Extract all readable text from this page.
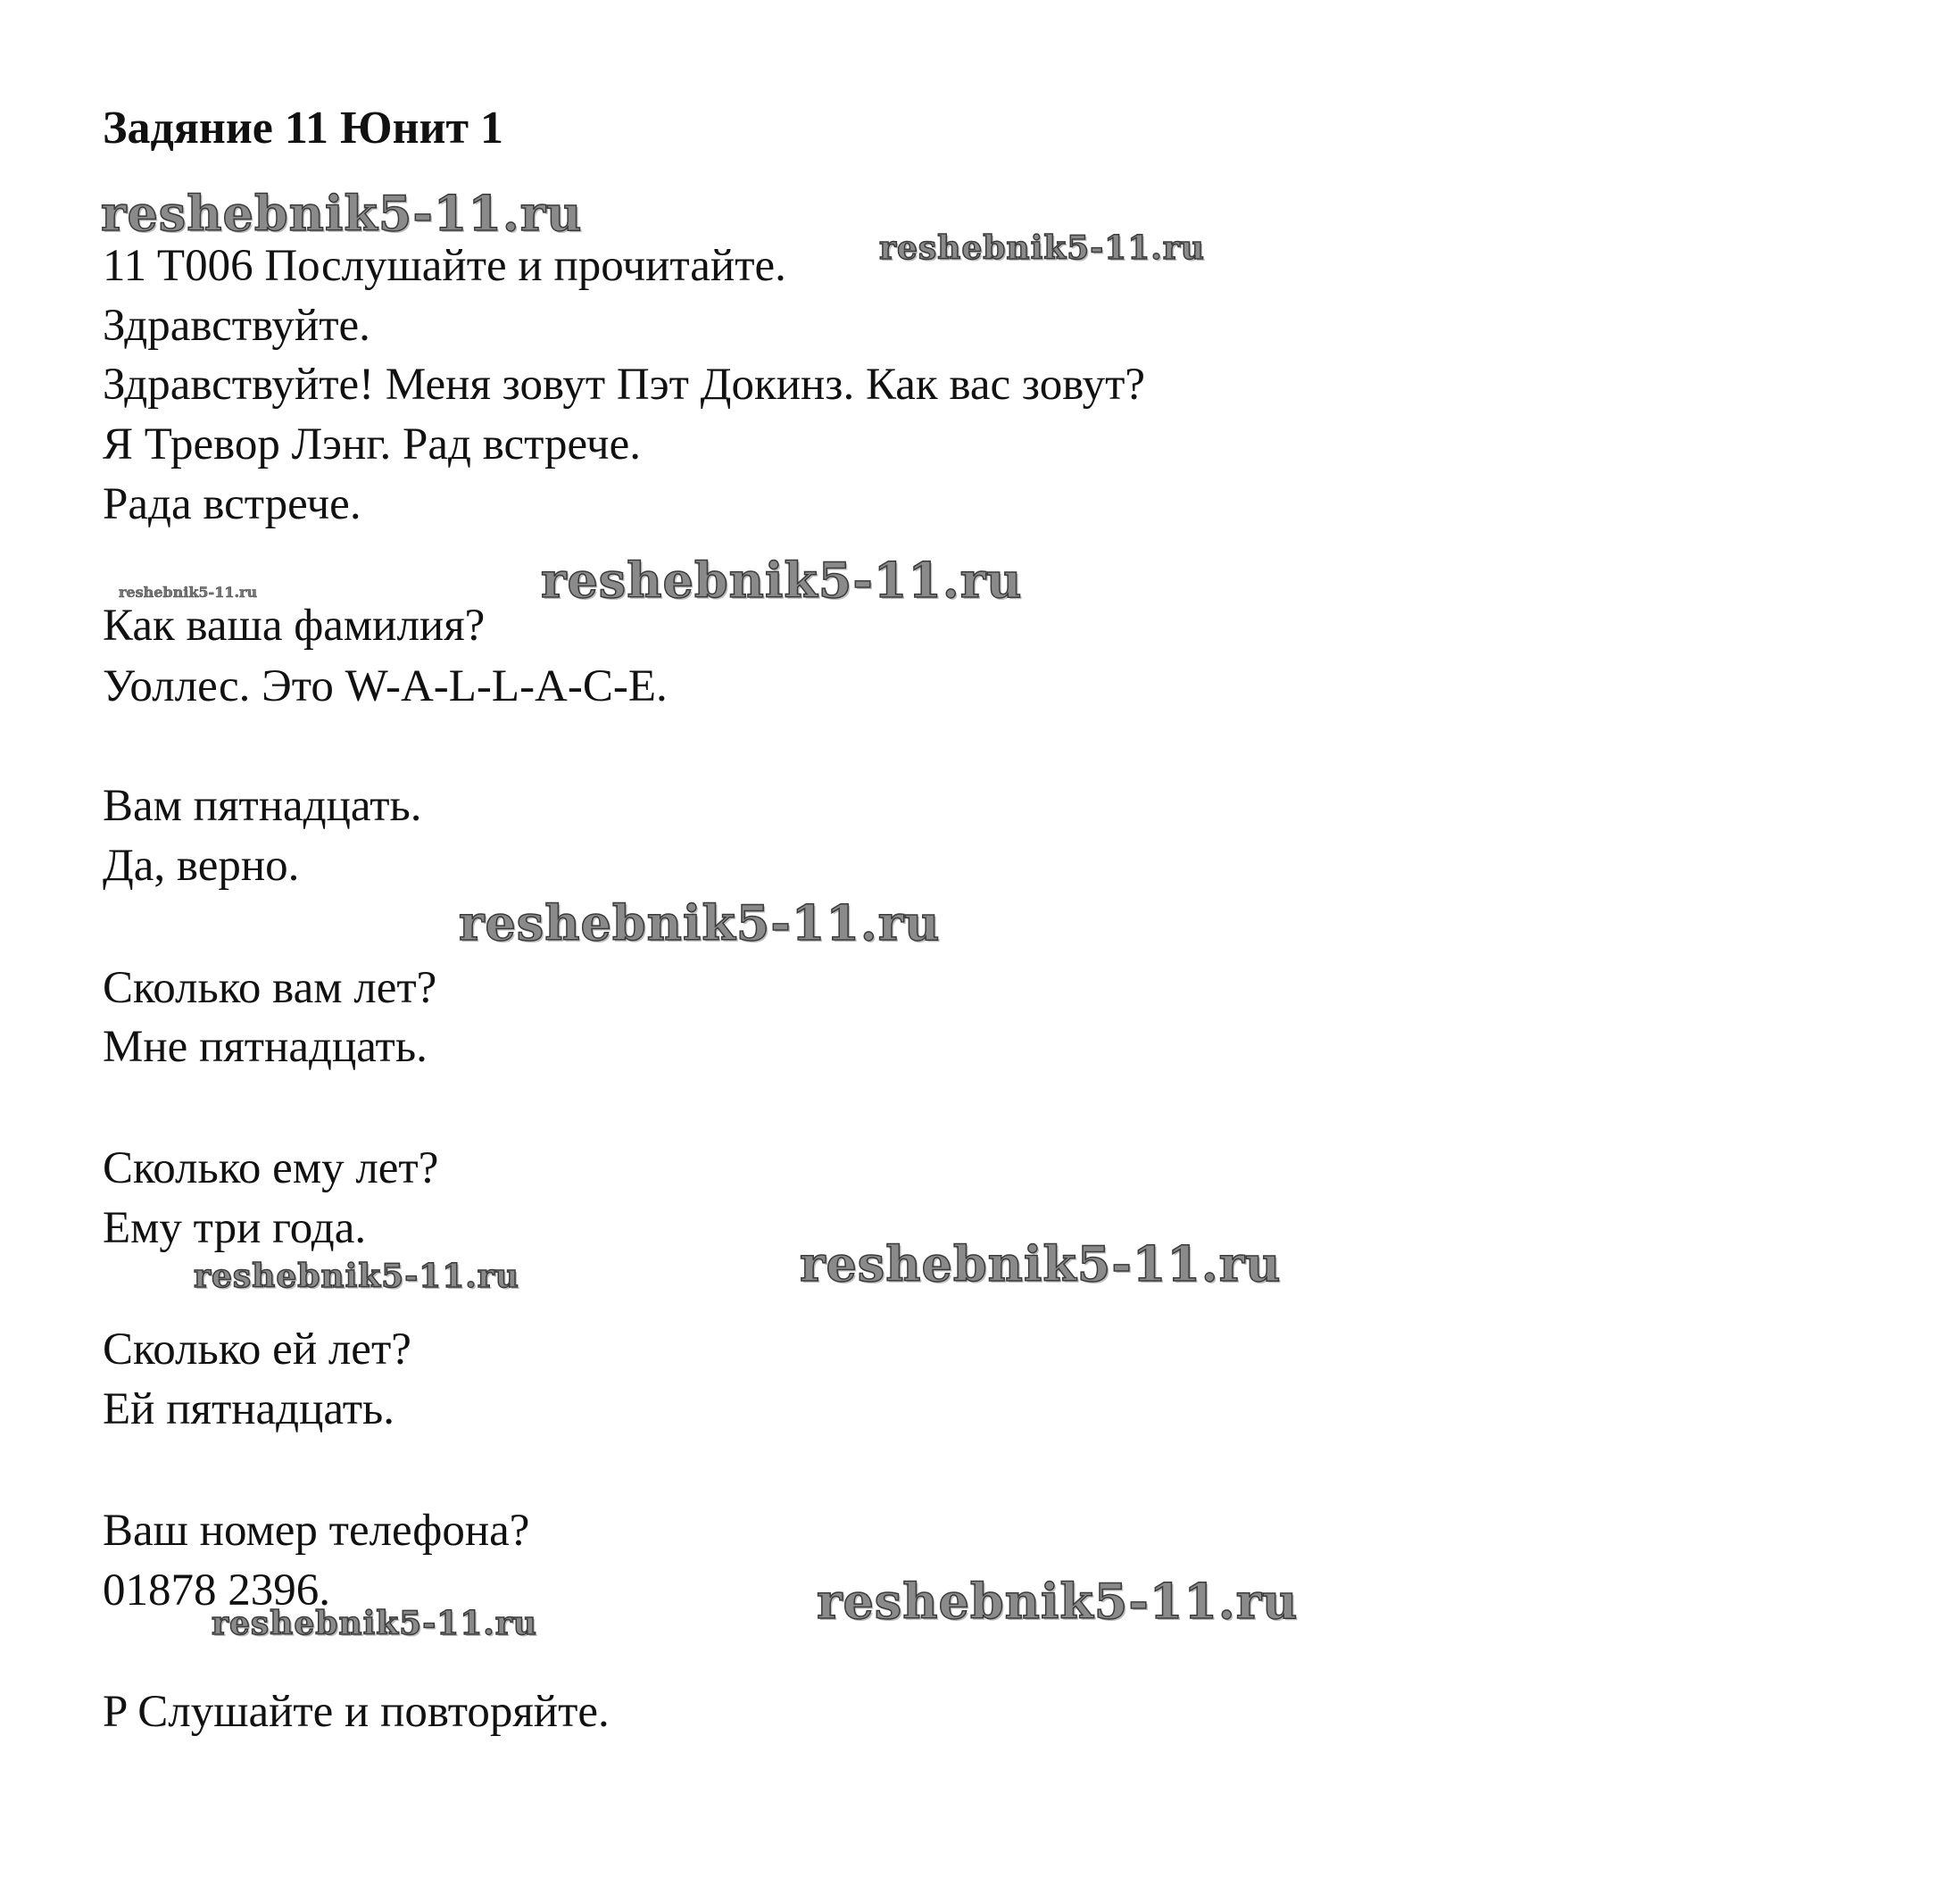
Задяние 11 Юнит 1
11 T006 Послушайте и прочитайте.
Здравствуйте.
Здравствуйте! Меня зовут Пэт Докинз. Как вас зовут?
Я Тревор Лэнг. Рад встрече.
Рада встрече.
Как ваша фамилия?
Уоллес. Это W-A-L-L-A-C-E.
Вам пятнадцать.
Да, верно.
Сколько вам лет?
Мне пятнадцать.
Сколько ему лет?
Ему три года.
Сколько ей лет?
Ей пятнадцать.
Ваш номер телефона?
01878 2396.
P Слушайте и повторяйте.
reshebnik5-11.ru
reshebnik5-11.ru
reshebnik5-11.ru	reshebnik5-11.ru
reshebnik5-11.ru
reshebnik5-11.ru	reshebnik5-11.ru
reshebnik5-11.ru	reshebnik5-11.ru
